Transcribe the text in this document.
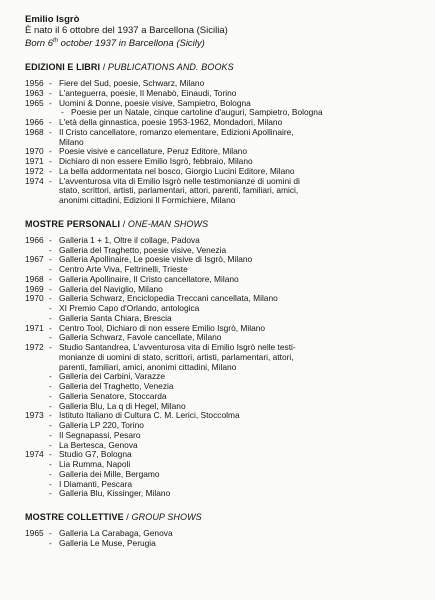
Emilio Isgrò
È nato il 6 ottobre del 1937 a Barcellona (Sicilia)
Born 6th october 1937 in Barcellona (Sicily)
EDIZIONI E LIBRI / PUBLICATIONS AND. BOOKS
1956 - Fiere del Sud, poesie, Schwarz, Milano
1963 - L'anteguerra, poesie, Il Menabò, Einaudi, Torino
1965 - Uomini & Donne, poesie visive, Sampietro, Bologna
- Poesie per un Natale, cinque cartoline d'auguri, Sampietro, Bologna
1966 - L'età della ginnastica, poesie 1953-1962, Mondadori, Milano
1968 - Il Cristo cancellatore, romanzo elementare, Edizioni Apollinaire,
Milano
1970 - Poesie visive e cancellature, Peruz Editore, Milano
1971 - Dichiaro di non essere Emilio Isgrò, febbraio, Milano
1972 - La bella addormentata nel bosco, Giorgio Lucini Editore, Milano
1974 - L'avventurosa vita di Emilio Isgrò nelle testimonianze di uomini di
stato, scrittori, artisti, parlamentari, attori, parenti, familiari, amici,
anonimi cittadini, Edizioni Il Formichiere, Milano
MOSTRE PERSONALI / ONE-MAN SHOWS
1966 - Galleria 1 + 1, Oltre il collage, Padova
- Galleria del Traghetto, poesie visive, Venezia
1967 - Galleria Apollinaire, Le poesie visive di Isgrò, Milano
- Centro Arte Viva, Feltrinelli, Trieste
1968 - Galleria Apollinaire, Il Cristo cancellatore, Milano
1969 - Galleria del Naviglio, Milano
1970 - Galleria Schwarz, Enciclopedia Treccani cancellata, Milano
- XI Premio Capo d'Orlando, antologica
- Galleria Santa Chiara, Brescia
1971 - Centro Tool, Dichiaro di non essere Emilio Isgrò, Milano
- Galleria Schwarz, Favole cancellate, Milano
1972 - Studio Santandrea, L'avventurosa vita di Emilio Isgrò nelle testi-
monianze di uomini di stato, scrittori, artisti, parlamentari, attori,
parenti, familiari, amici, anonimi cittadini, Milano
- Galleria dei Carbini, Varazze
- Galleria del Traghetto, Venezia
- Galleria Senatore, Stoccarda
- Galleria Blu, La q di Hegel, Milano
1973 - Istituto Italiano di Cultura C. M. Lerici, Stoccolma
- Galleria LP 220, Torino
- Il Segnapassi, Pesaro
- La Bertesca, Genova
1974 - Studio G7, Bologna
- Lia Rumma, Napoli
- Galleria dei Mille, Bergamo
- I Diamanti, Pescara
- Galleria Blu, Kissinger, Milano
MOSTRE COLLETTIVE / GROUP SHOWS
1965 - Galleria La Carabaga, Genova
- Galleria Le Muse, Perugia
